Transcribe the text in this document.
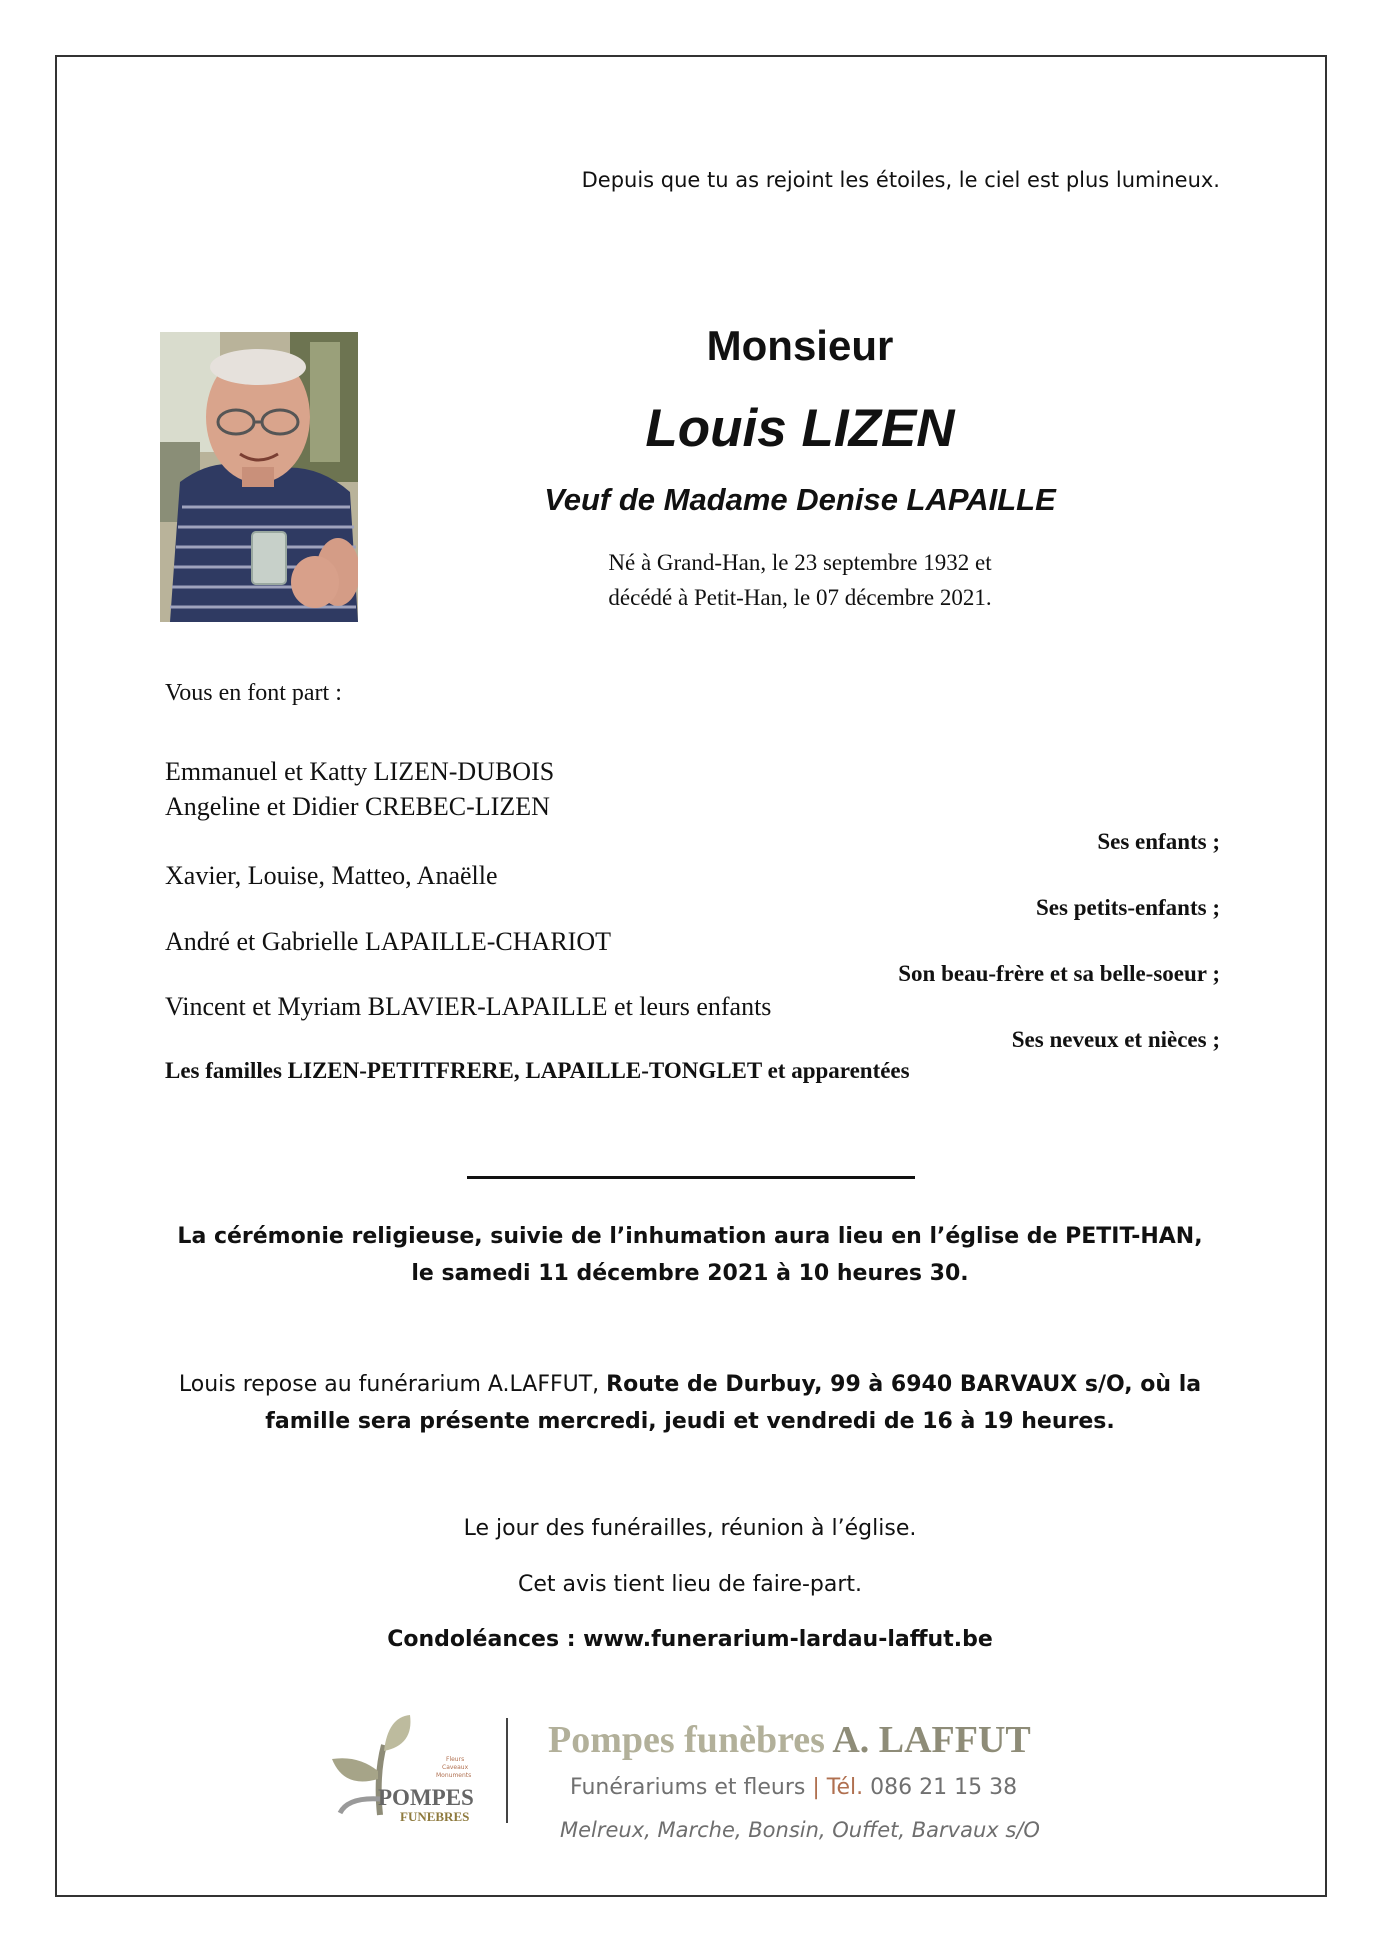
Depuis que tu as rejoint les étoiles, le ciel est plus lumineux.
Monsieur
Louis LIZEN
Veuf de Madame Denise LAPAILLE
Né à Grand-Han, le 23 septembre 1932 et
décédé à Petit-Han, le 07 décembre 2021.
Vous en font part :
Emmanuel et Katty LIZEN-DUBOIS
Angeline et Didier CREBEC-LIZEN
Ses enfants ;
Xavier, Louise, Matteo, Anaëlle
Ses petits-enfants ;
André et Gabrielle LAPAILLE-CHARIOT
Son beau-frère et sa belle-soeur ;
Vincent et Myriam BLAVIER-LAPAILLE et leurs enfants
Ses neveux et nièces ;
Les familles LIZEN-PETITFRERE, LAPAILLE-TONGLET et apparentées
La cérémonie religieuse, suivie de l’inhumation aura lieu en l’église de PETIT-HAN,
le samedi 11 décembre 2021 à 10 heures 30.
Louis repose au funérarium A.LAFFUT, Route de Durbuy, 99 à 6940 BARVAUX s/O, où la
famille sera présente mercredi, jeudi et vendredi de 16 à 19 heures.
Le jour des funérailles, réunion à l’église.
Cet avis tient lieu de faire-part.
Condoléances : www.funerarium-lardau-laffut.be
Fleurs
Caveaux
Monuments
POMPES
FUNEBRES
Pompes funèbres A. LAFFUT
Funérariums et fleurs | Tél. 086 21 15 38
Melreux, Marche, Bonsin, Ouffet, Barvaux s/O
